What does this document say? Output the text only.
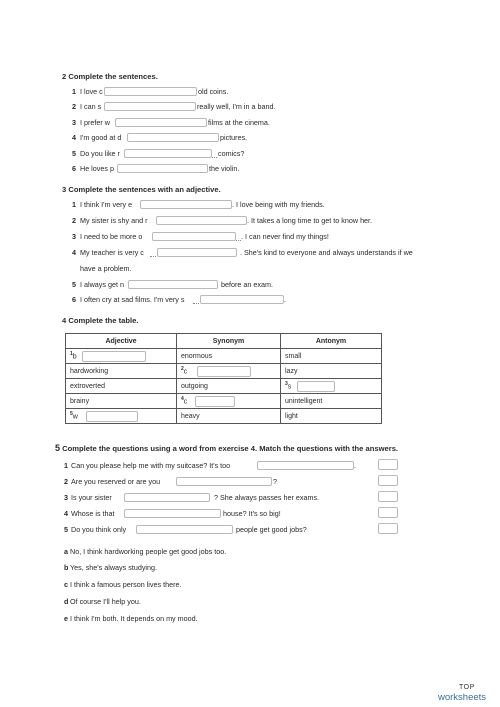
2 Complete the sentences.
1 I love c	old coins.
2 I can s	really well, I'm in a band.
3 I prefer w	films at the cinema.
4 I'm good at d	pictures.
5 Do you like r	comics?
6 He loves p	the violin.
3 Complete the sentences with an adjective.
1 I think I'm very e	. I love being with my friends.
2 My sister is shy and r	. It takes a long time to get to know her.
3 I need to be more o	. I can never find my things!
4 My teacher is very c	. She's kind to everyone and always understands if we
have a problem.
5 I always get n	before an exam.
6 I often cry at sad films. I'm very s	.
4 Complete the table.
Adjective	Synonym	Antonym
$^1$b	enormous	small
hardworking	$^2$c	lazy
extroverted	outgoing	$^3$s

brainy	$^4$c	unintelligent
$^5$w	heavy	light
5 Complete the questions using a word from exercise 4. Match the questions with the answers.
1 Can you please help me with my suitcase? It's too	.
2 Are you reserved or are you	?
3 Is your sister	? She always passes her exams.
4 Whose is that	house? It's so big!
5 Do you think only	people get good jobs?
a No, I think hardworking people get good jobs too.
b Yes, she's always studying.
c I think a famous person lives there.
d Of course I'll help you.
e I think I'm both. It depends on my mood.
TOP
worksheets
